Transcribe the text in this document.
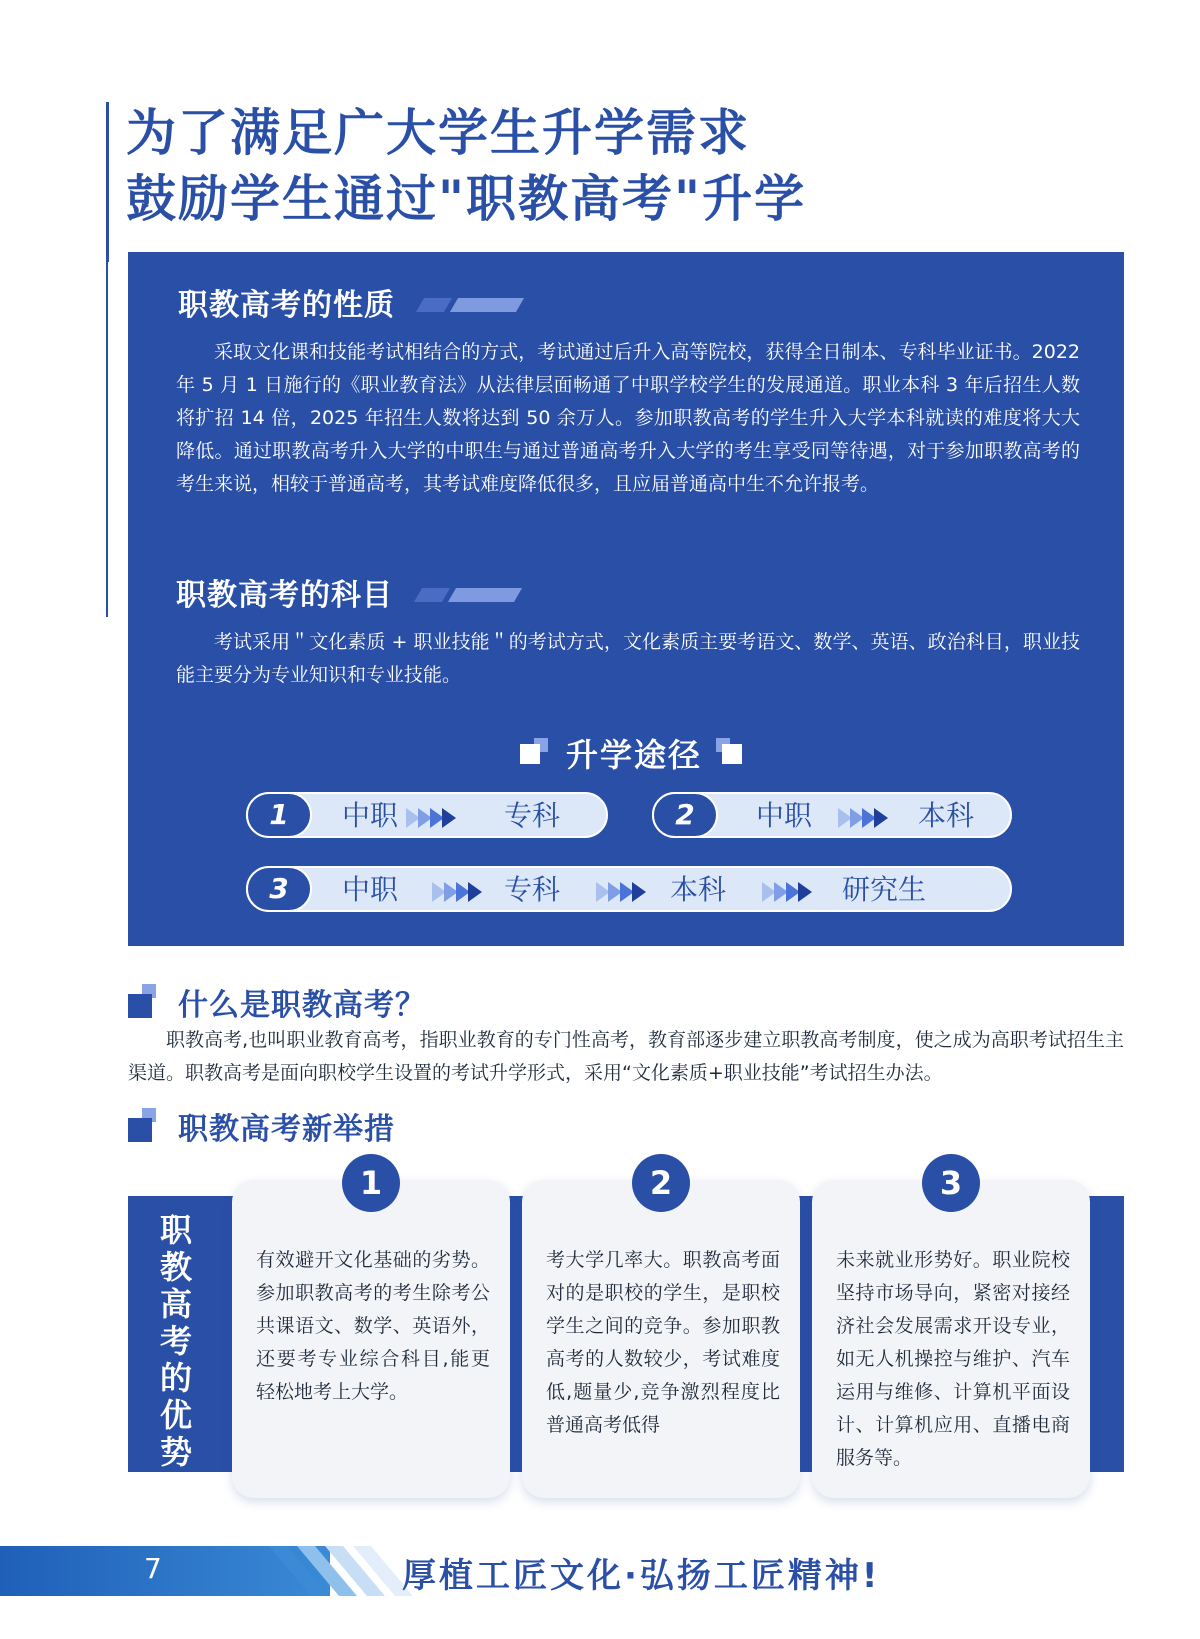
为了满足广大学生升学需求
鼓励学生通过"职教高考"升学
职教高考的性质

采取文化课和技能考试相结合的方式，考试通过后升入高等院校，获得全日制本、专科毕业证书。2022 年 5 月 1 日施行的《职业教育法》从法律层面畅通了中职学校学生的发展通道。职业本科 3 年后招生人数将扩招 14 倍，2025 年招生人数将达到 50 余万人。参加职教高考的学生升入大学本科就读的难度将大大降低。通过职教高考升入大学的中职生与通过普通高考升入大学的考生享受同等待遇，对于参加职教高考的考生来说，相较于普通高考，其考试难度降低很多，且应届普通高中生不允许报考。

职教高考的科目

考试采用＂文化素质 + 职业技能＂的考试方式，文化素质主要考语文、数学、英语、政治科目，职业技能主要分为专业知识和专业技能。

升学途径
1	中职	专科	2	中职	本科
3	中职	专科	本科	研究生
什么是职教高考？

职教高考,也叫职业教育高考，指职业教育的专门性高考，教育部逐步建立职教高考制度，使之成为高职考试招生主渠道。职教高考是面向职校学生设置的考试升学形式，采用“文化素质+职业技能”考试招生办法。

职教高考新举措
职教高考的优势
1

有效避开文化基础的劣势。参加职教高考的考生除考公共课语文、数学、英语外，还要考专业综合科目,能更轻松地考上大学。

2

考大学几率大。职教高考面对的是职校的学生，是职校学生之间的竞争。参加职教高考的人数较少，考试难度低,题量少,竞争激烈程度比普通高考低得

3

未来就业形势好。职业院校坚持市场导向，紧密对接经济社会发展需求开设专业，如无人机操控与维护、汽车运用与维修、计算机平面设计、计算机应用、直播电商服务等。

7	厚植工匠文化·弘扬工匠精神!
